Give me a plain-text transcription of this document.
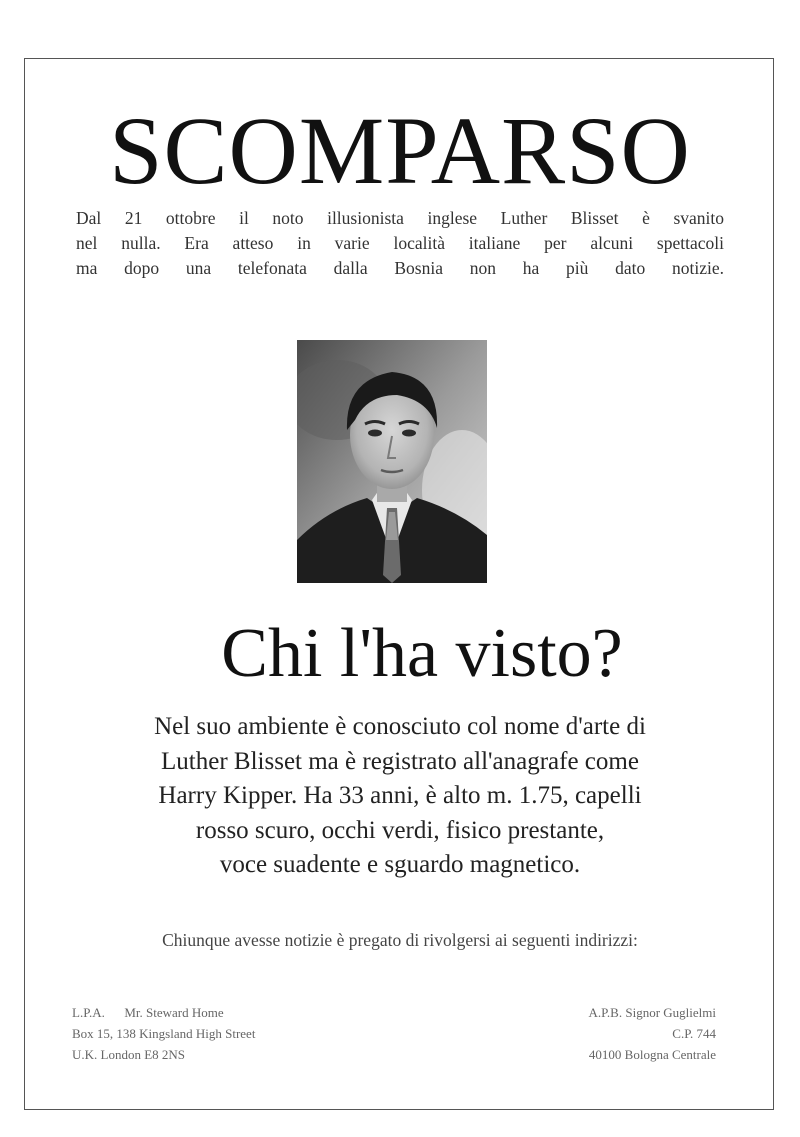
SCOMPARSO

Dal 21 ottobre il noto illusionista inglese Luther Blisset è svanito
nel nulla. Era atteso in varie località italiane per alcuni spettacoli
ma dopo una telefonata dalla Bosnia non ha più dato notizie.

Chi l'ha visto?

Nel suo ambiente è conosciuto col nome d'arte di
Luther Blisset ma è registrato all'anagrafe come
Harry Kipper. Ha 33 anni, è alto m. 1.75, capelli
rosso scuro, occhi verdi, fisico prestante,
voce suadente e sguardo magnetico.

Chiunque avesse notizie è pregato di rivolgersi ai seguenti indirizzi:

L.P.A.      Mr. Steward Home
Box 15, 138 Kingsland High Street
U.K. London E8 2NS
A.P.B. Signor Guglielmi
C.P. 744
40100 Bologna Centrale
